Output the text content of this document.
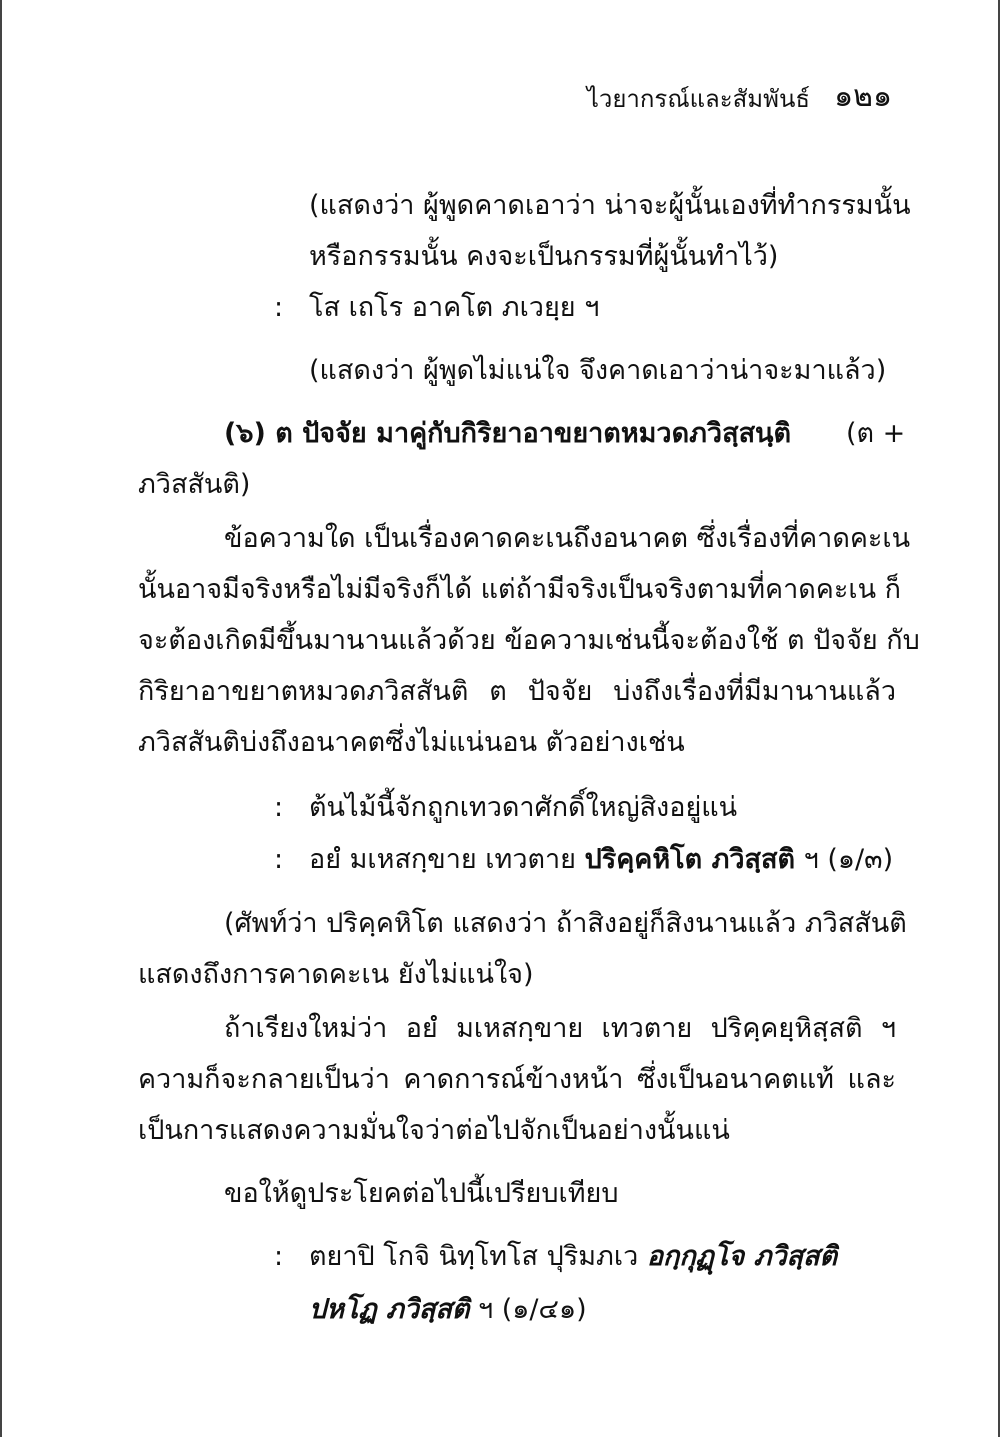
ไวยากรณ์และสัมพันธ์ ๑๒๑
(แสดงว่า ผู้พูดคาดเอาว่า น่าจะผู้นั้นเองที่ทำกรรมนั้น
หรือกรรมนั้น คงจะเป็นกรรมที่ผู้นั้นทำไว้)
: โส เถโร อาคโต ภเวยฺย ฯ
(แสดงว่า ผู้พูดไม่แน่ใจ จึงคาดเอาว่าน่าจะมาแล้ว)
(๖) ต ปัจจัย มาคู่กับกิริยาอาขยาตหมวดภวิสฺสนฺติ (ต +
ภวิสสันติ)
ข้อความใด เป็นเรื่องคาดคะเนถึงอนาคต ซึ่งเรื่องที่คาดคะเน
นั้นอาจมีจริงหรือไม่มีจริงก็ได้ แต่ถ้ามีจริงเป็นจริงตามที่คาดคะเน ก็
จะต้องเกิดมีขึ้นมานานแล้วด้วย ข้อความเช่นนี้จะต้องใช้ ต ปัจจัย กับ
กิริยาอาขยาตหมวดภวิสสันติ ต ปัจจัย บ่งถึงเรื่องที่มีมานานแล้ว
ภวิสสันติบ่งถึงอนาคตซึ่งไม่แน่นอน ตัวอย่างเช่น
: ต้นไม้นี้จักถูกเทวดาศักดิ์ใหญ่สิงอยู่แน่
: อยํ มเหสกฺขาย เทวตาย ปริคฺคหิโต ภวิสฺสติ ฯ (๑/๓)
(ศัพท์ว่า ปริคฺคหิโต แสดงว่า ถ้าสิงอยู่ก็สิงนานแล้ว ภวิสสันติ
แสดงถึงการคาดคะเน ยังไม่แน่ใจ)
ถ้าเรียงใหม่ว่า อยํ มเหสกฺขาย เทวตาย ปริคฺคยฺหิสฺสติ ฯ
ความก็จะกลายเป็นว่า คาดการณ์ข้างหน้า ซึ่งเป็นอนาคตแท้ และ
เป็นการแสดงความมั่นใจว่าต่อไปจักเป็นอย่างนั้นแน่
ขอให้ดูประโยคต่อไปนี้เปรียบเทียบ
: ตยาปิ โกจิ นิทฺโทโส ปุริมภเว อกฺกุฏฺโจ ภวิสฺสติ
ปหโฏ ภวิสฺสติ ฯ (๑/๔๑)
